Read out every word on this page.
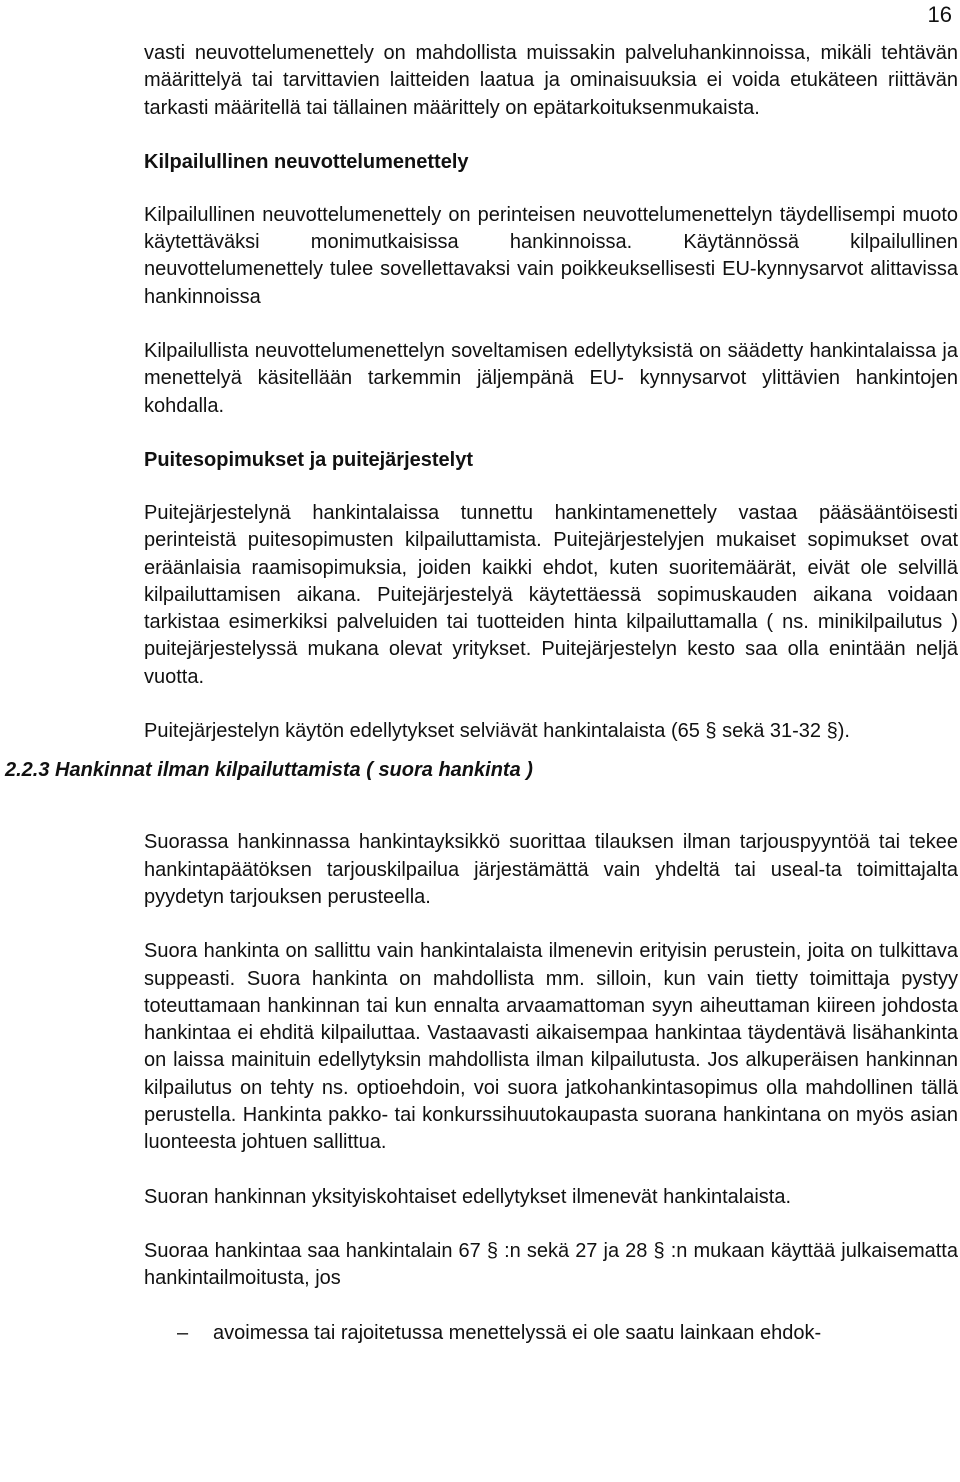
16

vasti neuvottelumenettely on mahdollista muissakin palveluhankinnoissa, mikäli tehtävän määrittelyä tai tarvittavien laitteiden laatua ja ominaisuuksia ei voida etukäteen riittävän tarkasti määritellä tai tällainen määrittely on epätarkoituksenmukaista.

Kilpailullinen neuvottelumenettely

Kilpailullinen neuvottelumenettely on perinteisen neuvottelumenettelyn täydellisempi muoto käytettäväksi monimutkaisissa hankinnoissa. Käytännössä kilpailullinen neuvottelumenettely tulee sovellettavaksi vain poikkeuksellisesti EU-kynnysarvot alittavissa hankinnoissa

Kilpailullista neuvottelumenettelyn soveltamisen edellytyksistä on säädetty hankintalaissa ja menettelyä käsitellään tarkemmin jäljempänä EU- kynnysarvot ylittävien hankintojen kohdalla.

Puitesopimukset ja puitejärjestelyt

Puitejärjestelynä hankintalaissa tunnettu hankintamenettely vastaa pääsääntöisesti perinteistä puitesopimusten kilpailuttamista. Puitejärjestelyjen mukaiset sopimukset ovat eräänlaisia raamisopimuksia, joiden kaikki ehdot, kuten suoritemäärät, eivät ole selvillä kilpailuttamisen aikana. Puitejärjestelyä käytettäessä sopimuskauden aikana voidaan tarkistaa esimerkiksi palveluiden tai tuotteiden hinta kilpailuttamalla ( ns. minikilpailutus ) puitejärjestelyssä mukana olevat yritykset. Puitejärjestelyn kesto saa olla enintään neljä vuotta.

Puitejärjestelyn käytön edellytykset selviävät hankintalaista (65 § sekä 31-32 §).

2.2.3 Hankinnat ilman kilpailuttamista ( suora hankinta )

Suorassa hankinnassa hankintayksikkö suorittaa tilauksen ilman tarjouspyyntöä tai tekee hankintapäätöksen tarjouskilpailua järjestämättä vain yhdeltä tai useal-ta toimittajalta pyydetyn tarjouksen perusteella.

Suora hankinta on sallittu vain hankintalaista ilmenevin erityisin perustein, joita on tulkittava suppeasti. Suora hankinta on mahdollista mm. silloin, kun vain tietty toimittaja pystyy toteuttamaan hankinnan tai kun ennalta arvaamattoman syyn aiheuttaman kiireen johdosta hankintaa ei ehditä kilpailuttaa. Vastaavasti aikaisempaa hankintaa täydentävä lisähankinta on laissa mainituin edellytyksin mahdollista ilman kilpailutusta. Jos alkuperäisen hankinnan kilpailutus on tehty ns. optioehdoin, voi suora jatkohankintasopimus olla mahdollinen tällä perustella. Hankinta pakko- tai konkurssihuutokaupasta suorana hankintana on myös asian luonteesta johtuen sallittua.

Suoran hankinnan yksityiskohtaiset edellytykset ilmenevät hankintalaista.

Suoraa hankintaa saa hankintalain 67 § :n sekä 27 ja 28 § :n mukaan käyttää julkaisematta hankintailmoitusta, jos

–	avoimessa tai rajoitetussa menettelyssä ei ole saatu lainkaan ehdok-
